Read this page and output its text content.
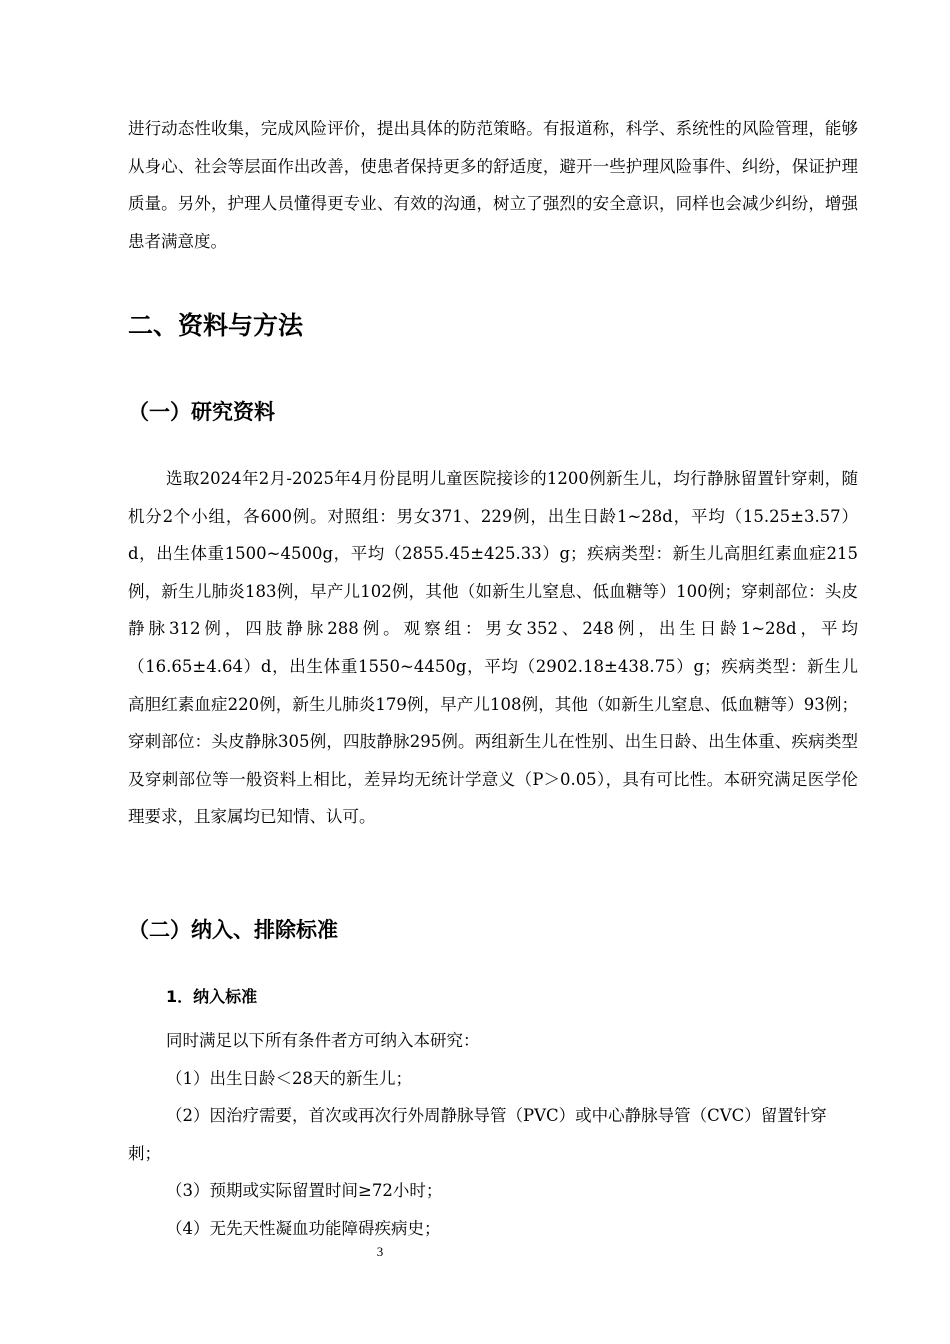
进行动态性收集，完成风险评价，提出具体的防范策略。有报道称，科学、系统性的风险管理，能够从身心、社会等层面作出改善，使患者保持更多的舒适度，避开一些护理风险事件、纠纷，保证护理质量。另外，护理人员懂得更专业、有效的沟通，树立了强烈的安全意识，同样也会减少纠纷，增强患者满意度。

二、资料与方法
（一）研究资料

选取2024年2月-2025年4月份昆明儿童医院接诊的1200例新生儿，均行静脉留置针穿刺，随机分2个小组，各600例。对照组：男女371、229例，出生日龄1~28d，平均（15.25±3.57）d，出生体重1500~4500g，平均（2855.45±425.33）g；疾病类型：新生儿高胆红素血症215例，新生儿肺炎183例，早产儿102例，其他（如新生儿窒息、低血糖等）100例；穿刺部位：头皮静脉312例，四肢静脉288例。观察组：男女352、248例，出生日龄1~28d，平均（16.65±4.64）d，出生体重1550~4450g，平均（2902.18±438.75）g；疾病类型：新生儿高胆红素血症220例，新生儿肺炎179例，早产儿108例，其他（如新生儿窒息、低血糖等）93例；穿刺部位：头皮静脉305例，四肢静脉295例。两组新生儿在性别、出生日龄、出生体重、疾病类型及穿刺部位等一般资料上相比，差异均无统计学意义（P＞0.05），具有可比性。本研究满足医学伦理要求，且家属均已知情、认可。

（二）纳入、排除标准
1．纳入标准

同时满足以下所有条件者方可纳入本研究：

（1）出生日龄＜28天的新生儿；

（2）因治疗需要，首次或再次行外周静脉导管（PVC）或中心静脉导管（CVC）留置针穿刺；

（3）预期或实际留置时间≥72小时；

（4）无先天性凝血功能障碍疾病史；

3
